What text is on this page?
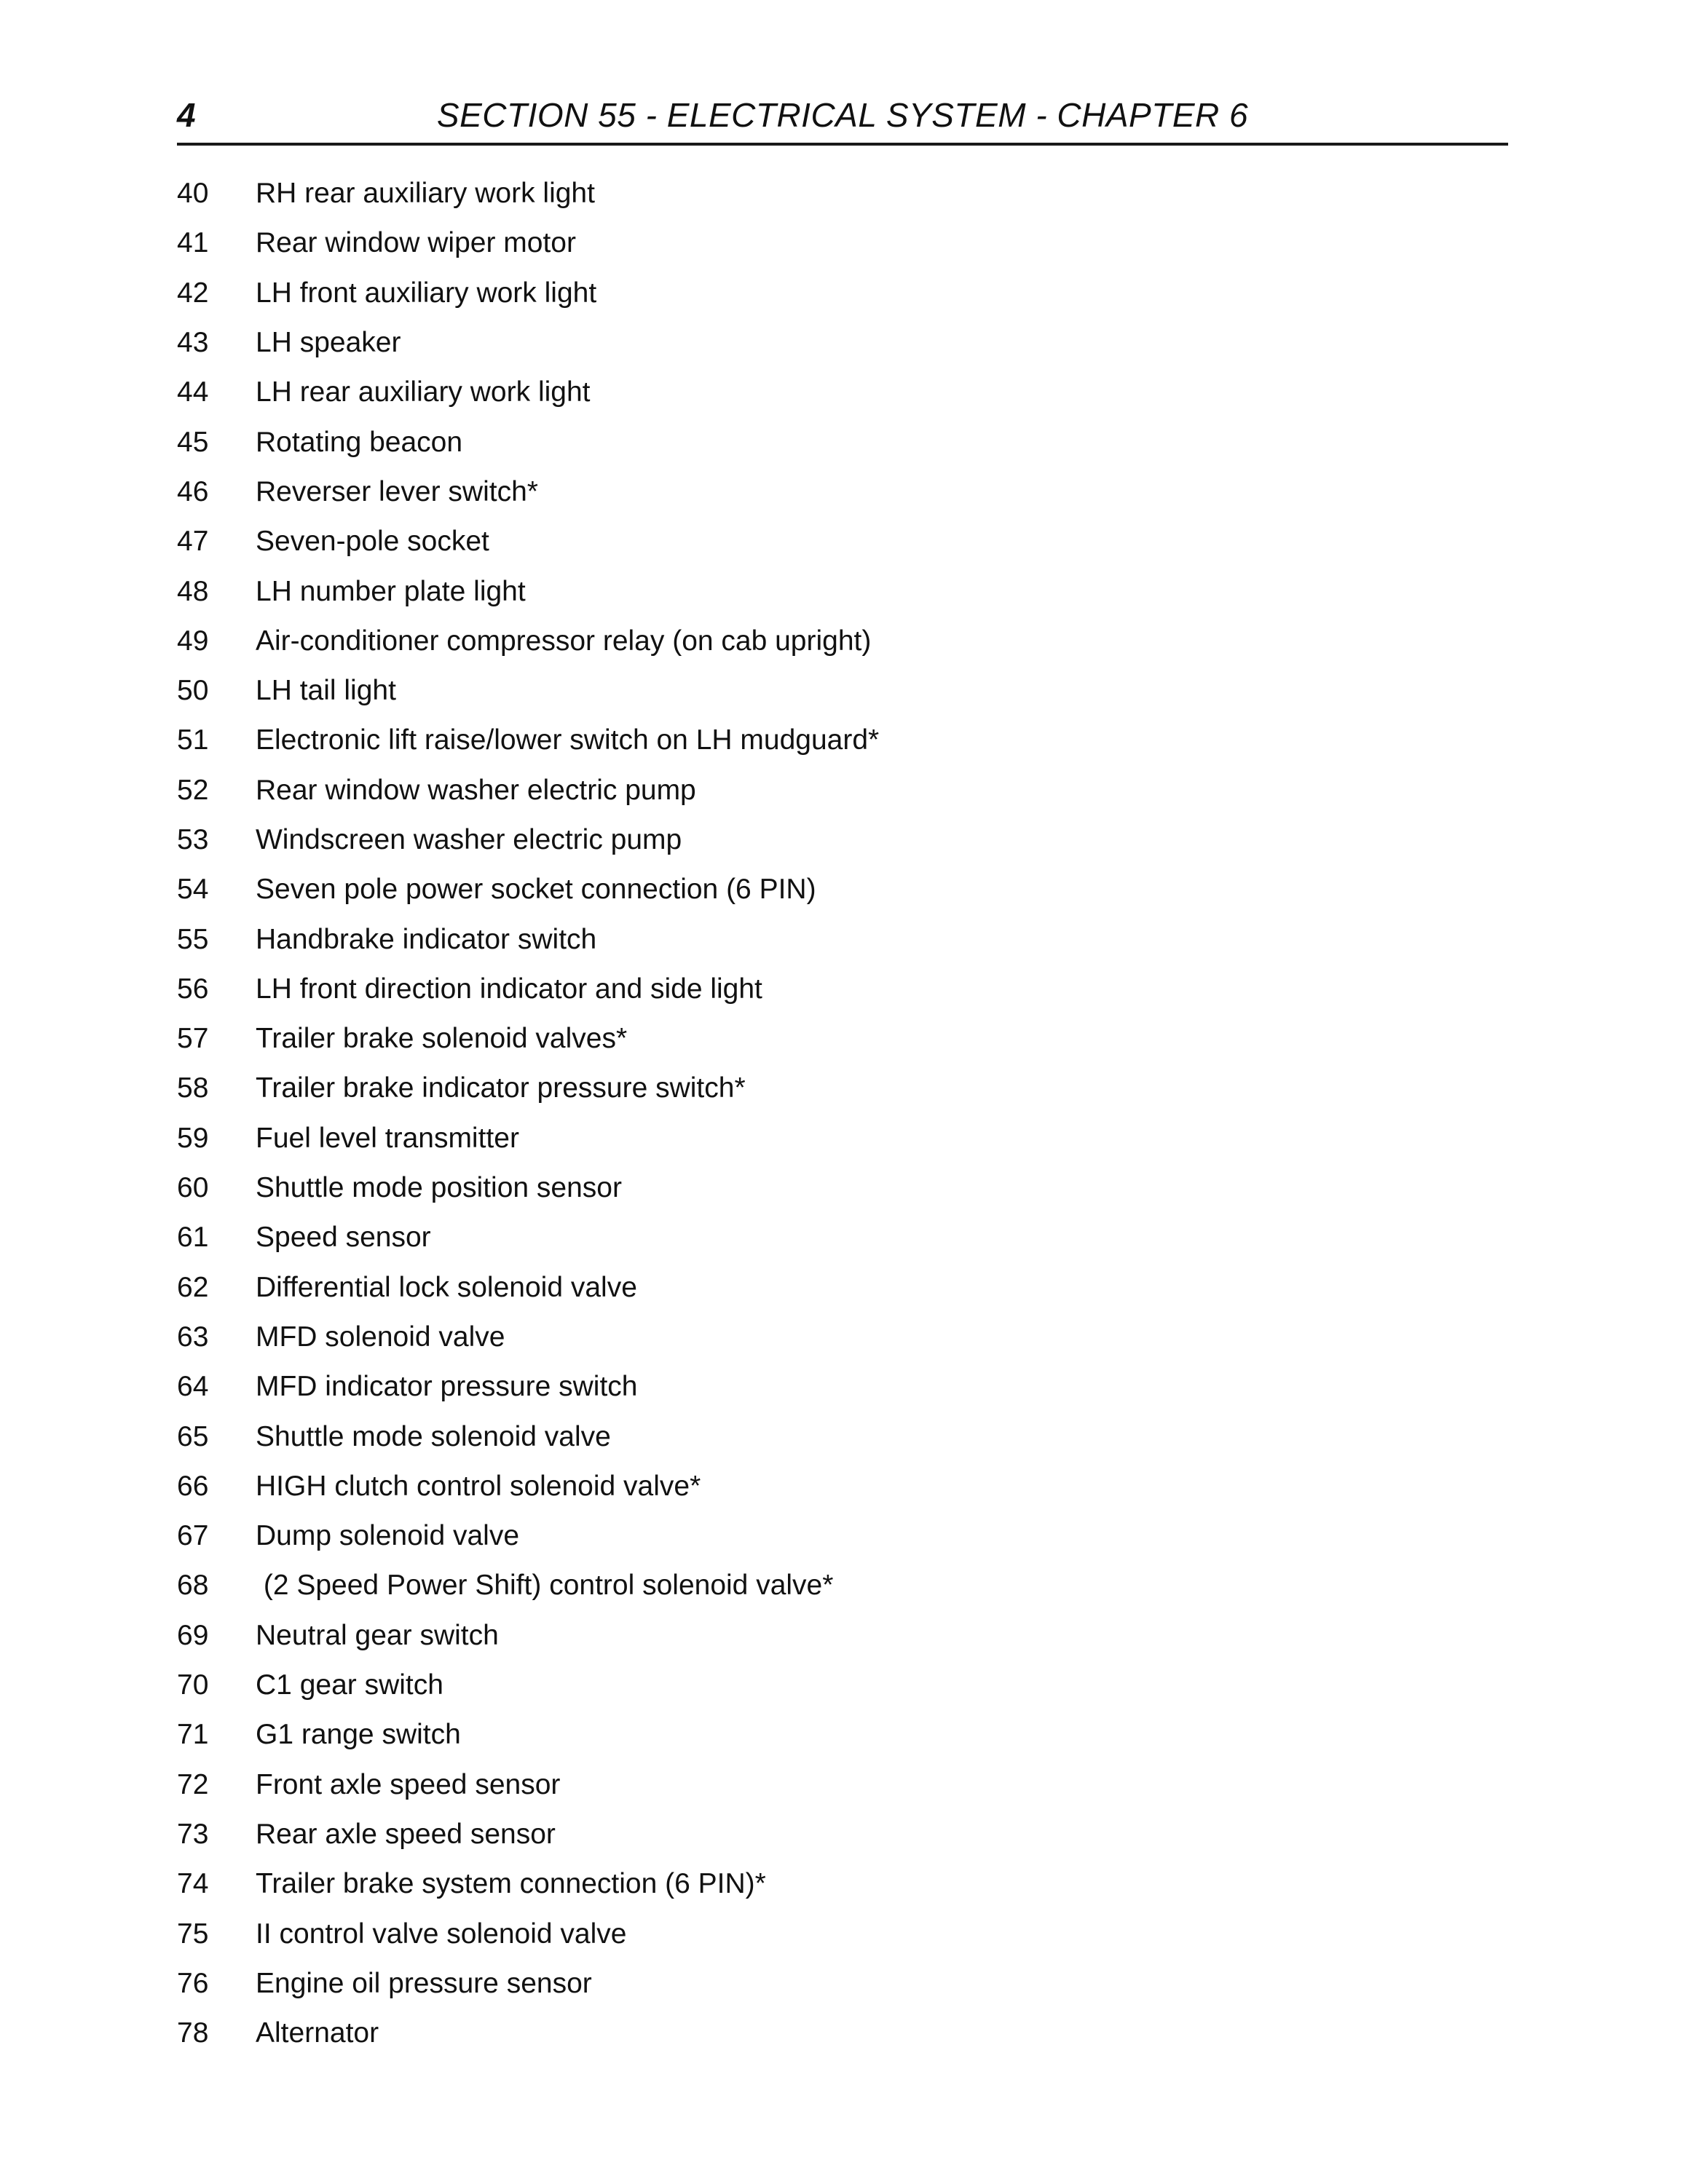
4	SECTION 55 - ELECTRICAL SYSTEM - CHAPTER 6
40	RH rear auxiliary work light
41	Rear window wiper motor
42	LH front auxiliary work light
43	LH speaker
44	LH rear auxiliary work light
45	Rotating beacon
46	Reverser lever switch*
47	Seven-pole socket
48	LH number plate light
49	Air-conditioner compressor relay (on cab upright)
50	LH tail light
51	Electronic lift raise/lower switch on LH mudguard*
52	Rear window washer electric pump
53	Windscreen washer electric pump
54	Seven pole power socket connection (6 PIN)
55	Handbrake indicator switch
56	LH front direction indicator and side light
57	Trailer brake solenoid valves*
58	Trailer brake indicator pressure switch*
59	Fuel level transmitter
60	Shuttle mode position sensor
61	Speed sensor
62	Differential lock solenoid valve
63	MFD solenoid valve
64	MFD indicator pressure switch
65	Shuttle mode solenoid valve
66	HIGH clutch control solenoid valve*
67	Dump solenoid valve
68	(2 Speed Power Shift) control solenoid valve*
69	Neutral gear switch
70	C1 gear switch
71	G1 range switch
72	Front axle speed sensor
73	Rear axle speed sensor
74	Trailer brake system connection (6 PIN)*
75	II control valve solenoid valve
76	Engine oil pressure sensor
78	Alternator
